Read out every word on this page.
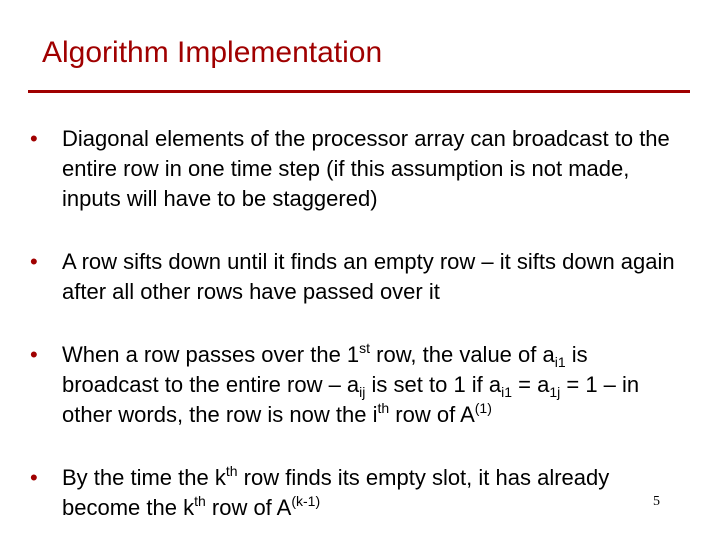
Algorithm Implementation
• Diagonal elements of the processor array can broadcast to the entire row in one time step (if this assumption is not made, inputs will have to be staggered)
• A row sifts down until it finds an empty row – it sifts down again after all other rows have passed over it
• When a row passes over the 1st row, the value of $a_{i1}$ is broadcast to the entire row – $a_{ij}$ is set to 1 if $a_{i1} = a_{1j} = 1$ – in other words, the row is now the $i^{th}$ row of $A^{(1)}$
• By the time the $k^{th}$ row finds its empty slot, it has already become the $k^{th}$ row of $A^{(k-1)}$	5
